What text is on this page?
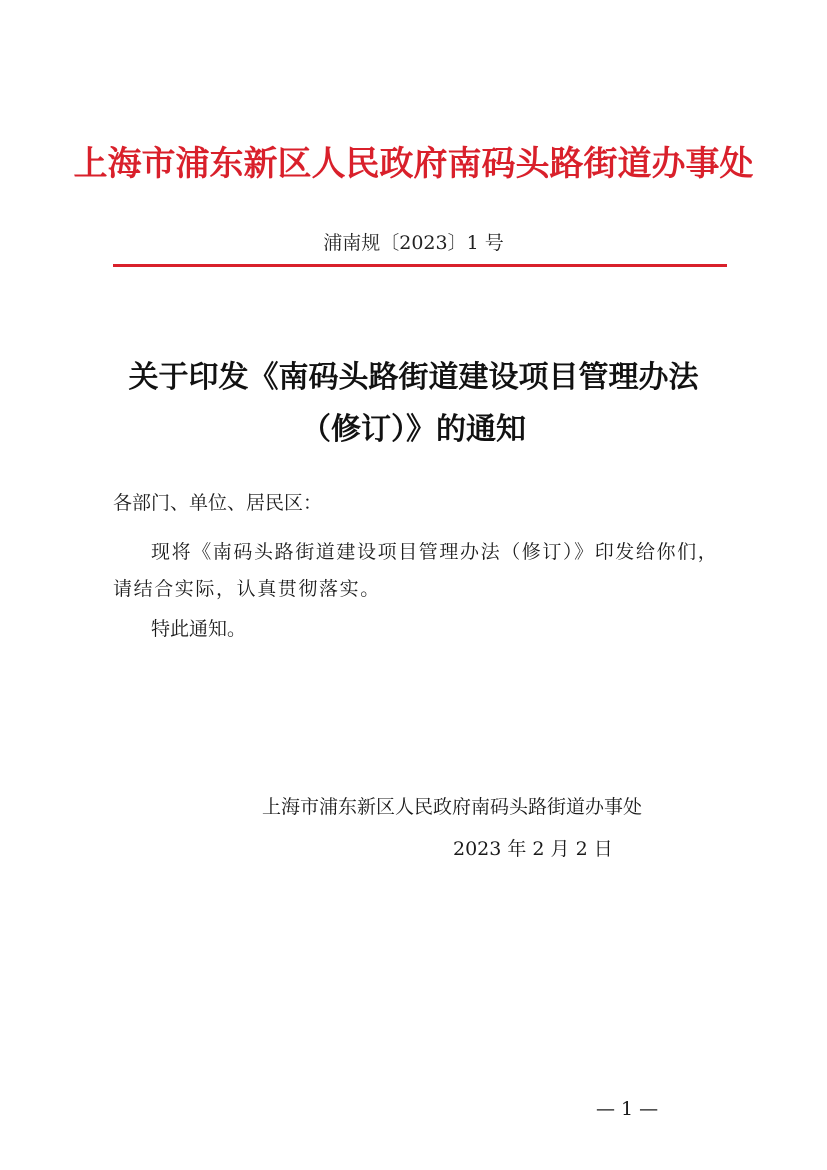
上海市浦东新区人民政府南码头路街道办事处
浦南规〔2023〕1 号
关于印发《南码头路街道建设项目管理办法
（修订）》的通知
各部门、单位、居民区：
现将《南码头路街道建设项目管理办法（修订）》印发给你们，请结合实际，认真贯彻落实。
特此通知。
上海市浦东新区人民政府南码头路街道办事处
2023 年 2 月 2 日
— 1 —
